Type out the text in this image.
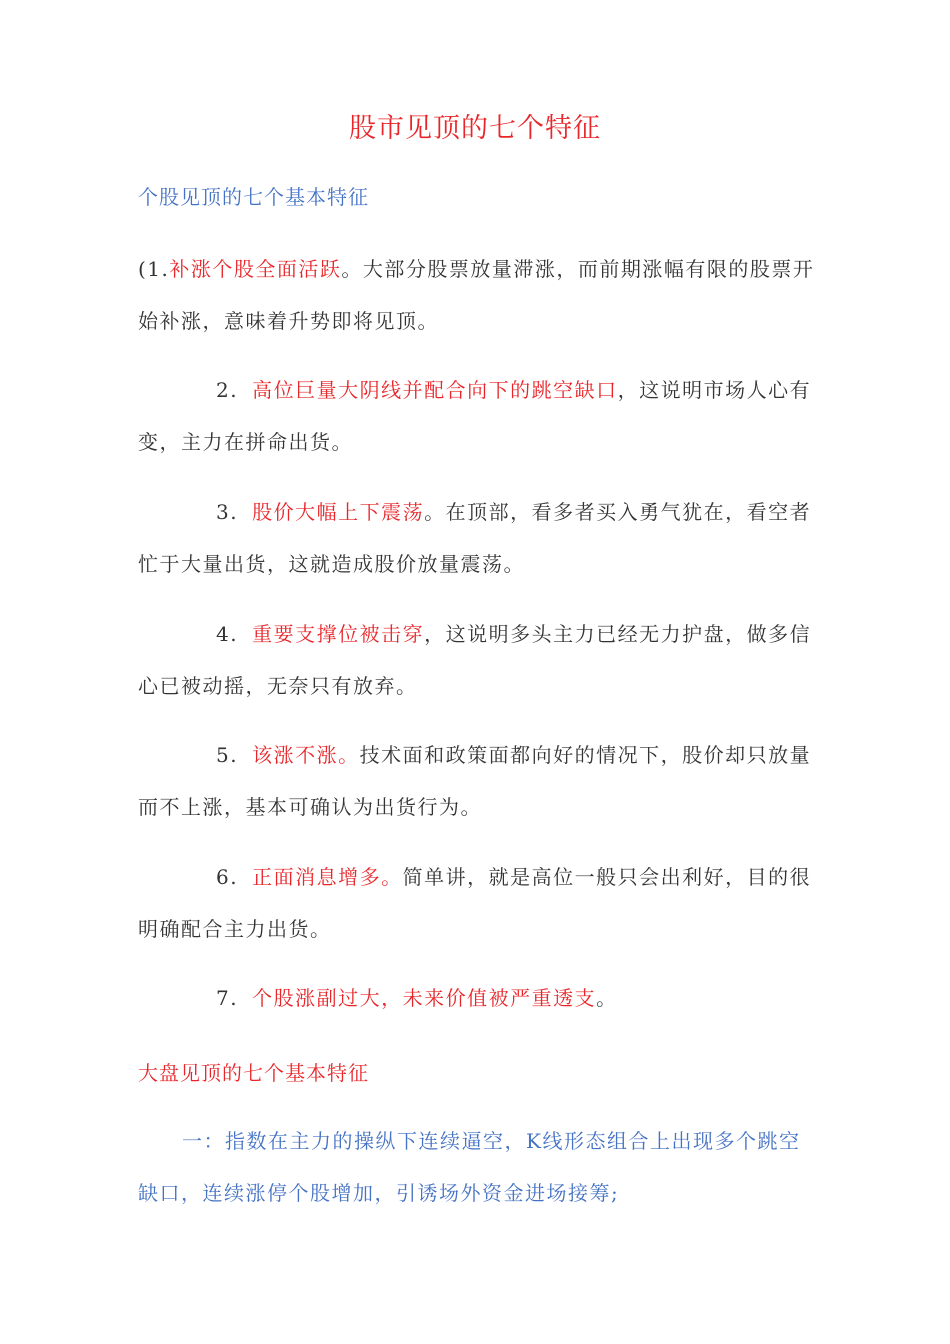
股市见顶的七个特征
个股见顶的七个基本特征
(1.补涨个股全面活跃。大部分股票放量滞涨，而前期涨幅有限的股票开始补涨，意味着升势即将见顶。
2. 高位巨量大阴线并配合向下的跳空缺口，这说明市场人心有变，主力在拼命出货。
3. 股价大幅上下震荡。在顶部，看多者买入勇气犹在，看空者忙于大量出货，这就造成股价放量震荡。
4. 重要支撑位被击穿，这说明多头主力已经无力护盘，做多信心已被动摇，无奈只有放弃。
5. 该涨不涨。技术面和政策面都向好的情况下，股价却只放量而不上涨，基本可确认为出货行为。
6. 正面消息增多。简单讲，就是高位一般只会出利好，目的很明确配合主力出货。
7. 个股涨副过大，未来价值被严重透支。
大盘见顶的七个基本特征
一：指数在主力的操纵下连续逼空，K线形态组合上出现多个跳空缺口，连续涨停个股增加，引诱场外资金进场接筹;
